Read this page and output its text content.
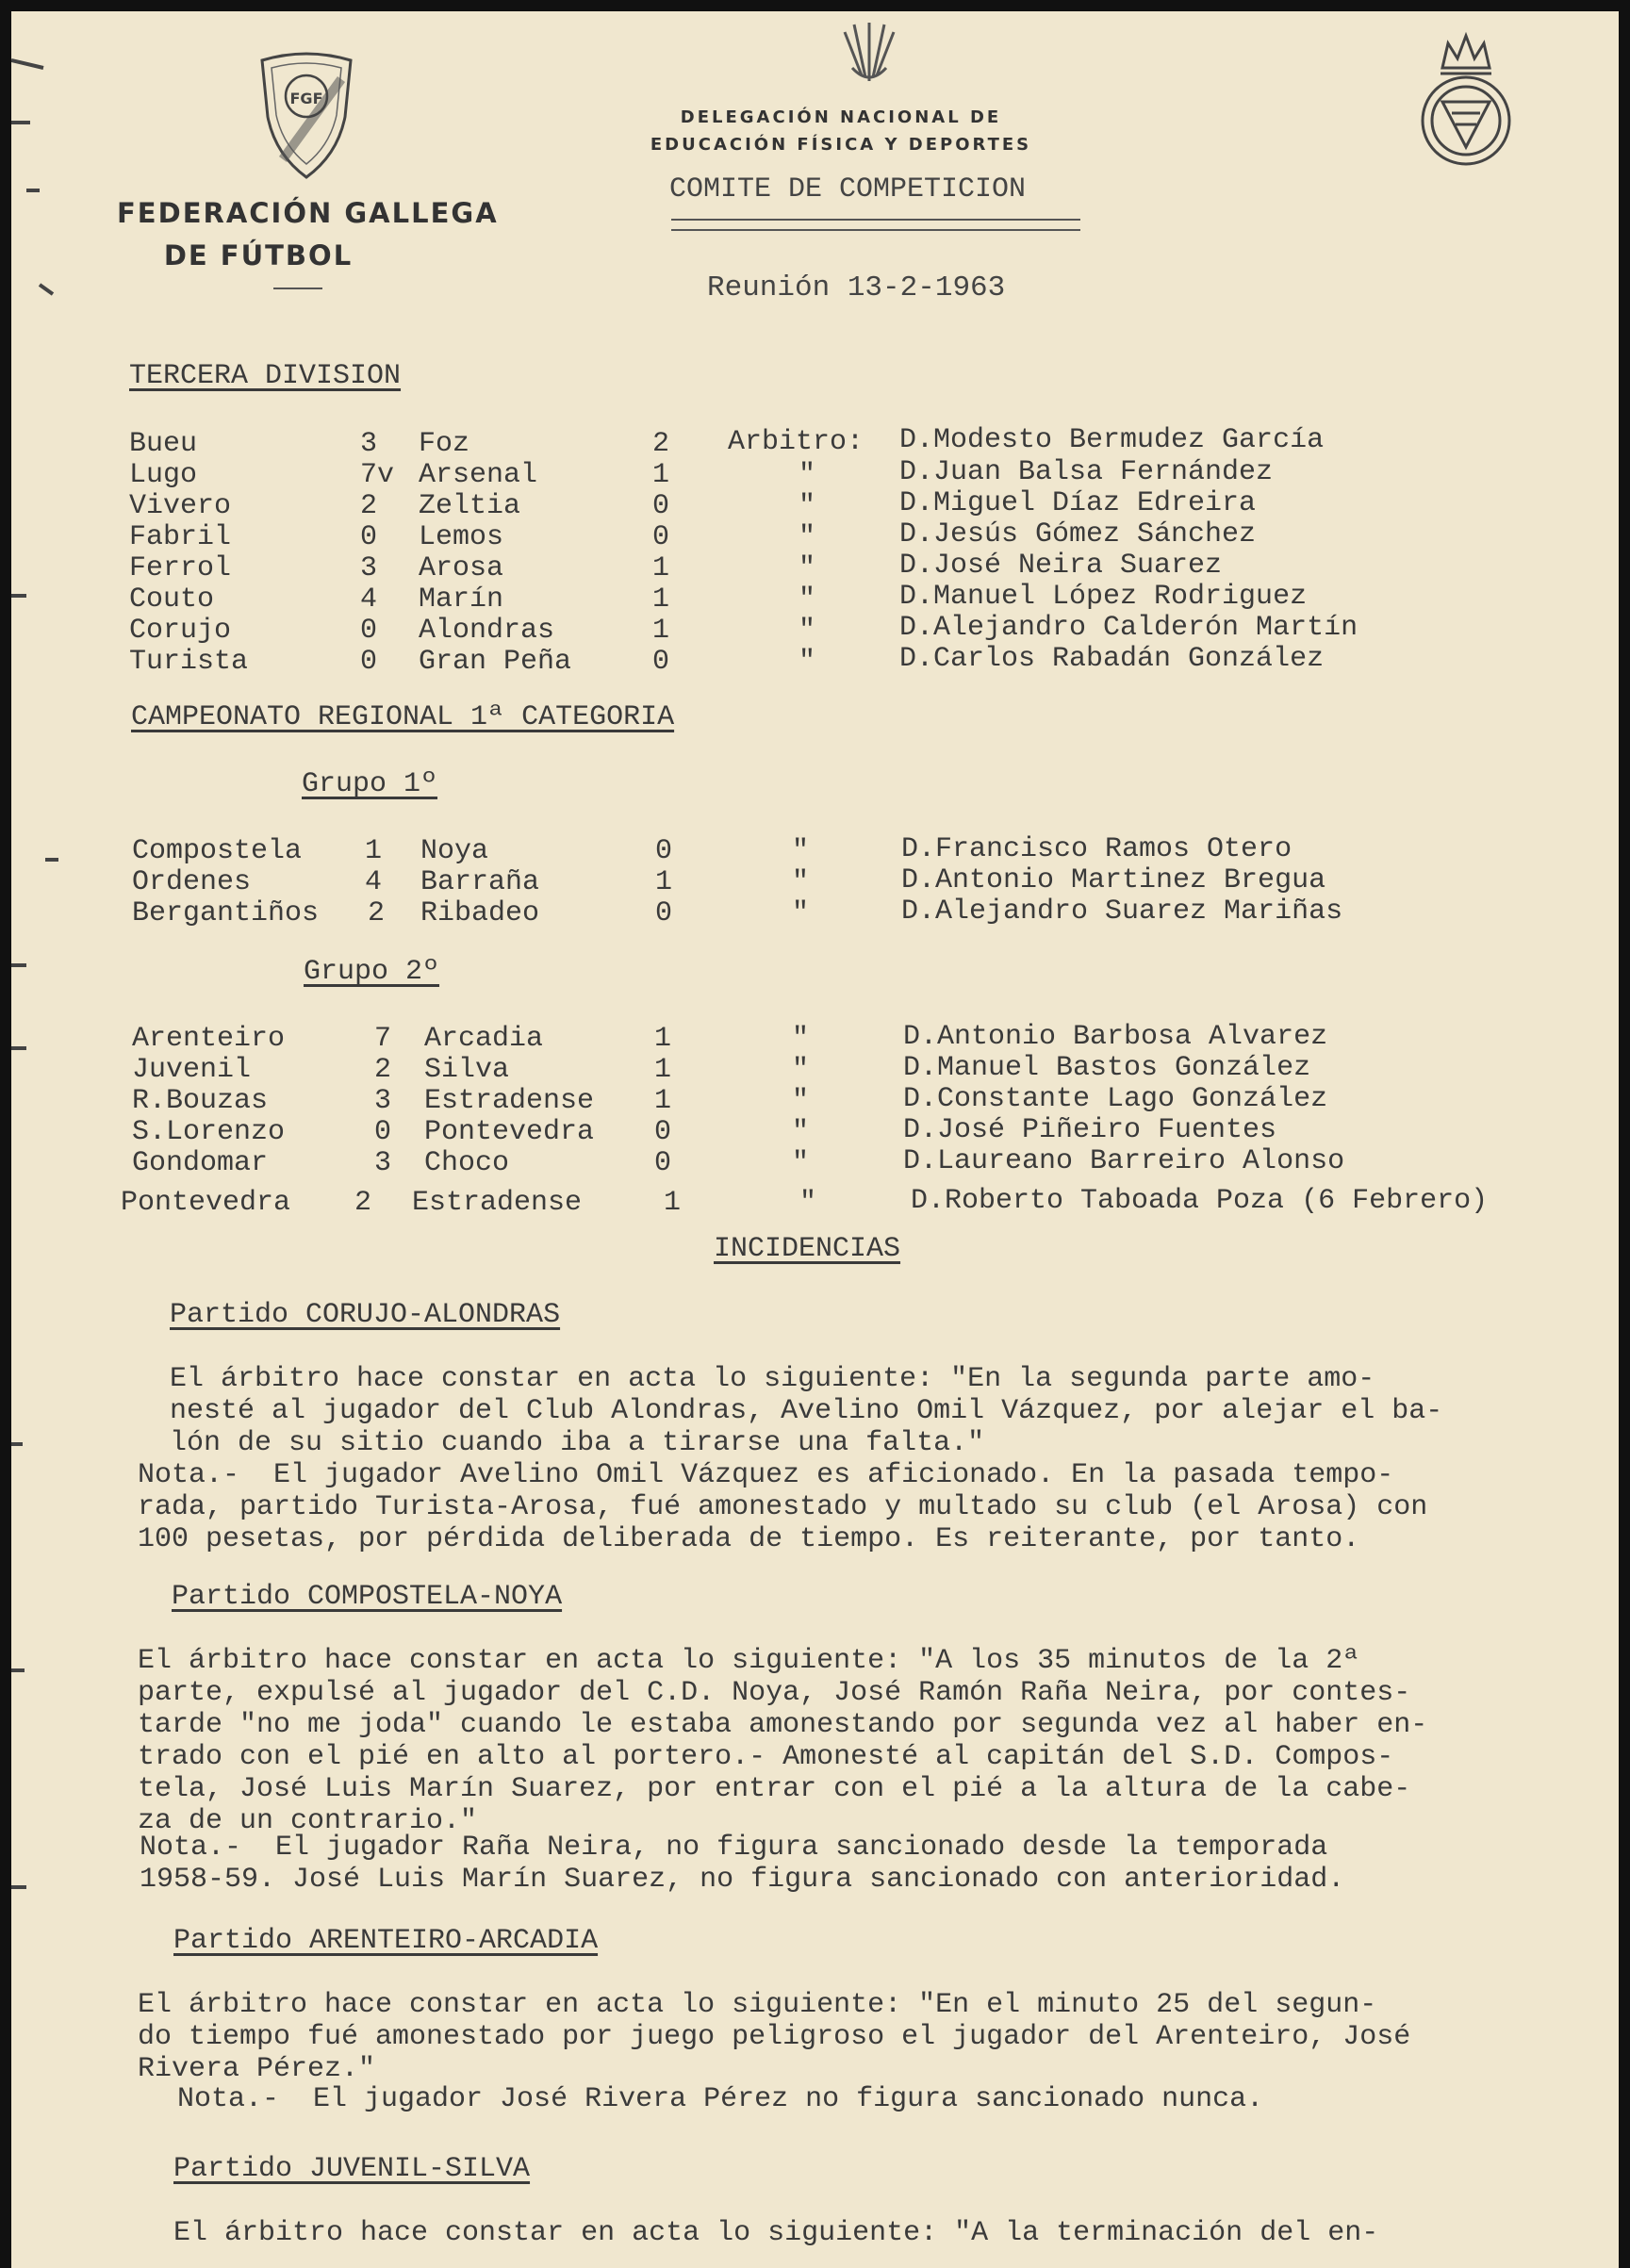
FGF
FEDERACIÓN GALLEGA
DE FÚTBOL
DELEGACIÓN NACIONAL DE
EDUCACIÓN FÍSICA Y DEPORTES
COMITE DE COMPETICION
Reunión 13-2-1963
TERCERA DIVISION
Bueu	3 Foz	2 Arbitro: D.Modesto Bermudez García
Lugo	7v Arsenal	1	"	D.Juan Balsa Fernández
Vivero	2 Zeltia	0	"	D.Miguel Díaz Edreira
Fabril	0 Lemos	0	"	D.Jesús Gómez Sánchez
Ferrol	3 Arosa	1	"	D.José Neira Suarez
Couto	4 Marín	1	"	D.Manuel López Rodriguez
Corujo	0 Alondras	1	"	D.Alejandro Calderón Martín
Turista	0 Gran Peña	0	"	D.Carlos Rabadán González
CAMPEONATO REGIONAL 1ª CATEGORIA
Grupo 1º
Compostela 1 Noya	0	"	D.Francisco Ramos Otero
Ordenes	4 Barraña	1	"	D.Antonio Martinez Bregua
Bergantiños 2 Ribadeo	0	"	D.Alejandro Suarez Mariñas
Grupo 2º
Arenteiro	7 Arcadia	1	"	D.Antonio Barbosa Alvarez
Juvenil	2 Silva	1	"	D.Manuel Bastos González
R.Bouzas	3 Estradense 1	"	D.Constante Lago González
S.Lorenzo	0 Pontevedra 0	"	D.José Piñeiro Fuentes
Gondomar	3 Choco	0	"	D.Laureano Barreiro Alonso
Pontevedra 2 Estradense	1	"	D.Roberto Taboada Poza (6 Febrero)
INCIDENCIAS
Partido CORUJO-ALONDRAS
El árbitro hace constar en acta lo siguiente: "En la segunda parte amo-
nesté al jugador del Club Alondras, Avelino Omil Vázquez, por alejar el ba-
lón de su sitio cuando iba a tirarse una falta."
Nota.-  El jugador Avelino Omil Vázquez es aficionado. En la pasada tempo-
rada, partido Turista-Arosa, fué amonestado y multado su club (el Arosa) con
100 pesetas, por pérdida deliberada de tiempo. Es reiterante, por tanto.
Partido COMPOSTELA-NOYA
El árbitro hace constar en acta lo siguiente: "A los 35 minutos de la 2ª
parte, expulsé al jugador del C.D. Noya, José Ramón Raña Neira, por contes-
tarde "no me joda" cuando le estaba amonestando por segunda vez al haber en-
trado con el pié en alto al portero.- Amonesté al capitán del S.D. Compos-
tela, José Luis Marín Suarez, por entrar con el pié a la altura de la cabe-
za de un contrario."
Nota.-  El jugador Raña Neira, no figura sancionado desde la temporada
1958-59. José Luis Marín Suarez, no figura sancionado con anterioridad.
Partido ARENTEIRO-ARCADIA
El árbitro hace constar en acta lo siguiente: "En el minuto 25 del segun-
do tiempo fué amonestado por juego peligroso el jugador del Arenteiro, José
Rivera Pérez."
Nota.-  El jugador José Rivera Pérez no figura sancionado nunca.
Partido JUVENIL-SILVA
El árbitro hace constar en acta lo siguiente: "A la terminación del en-
